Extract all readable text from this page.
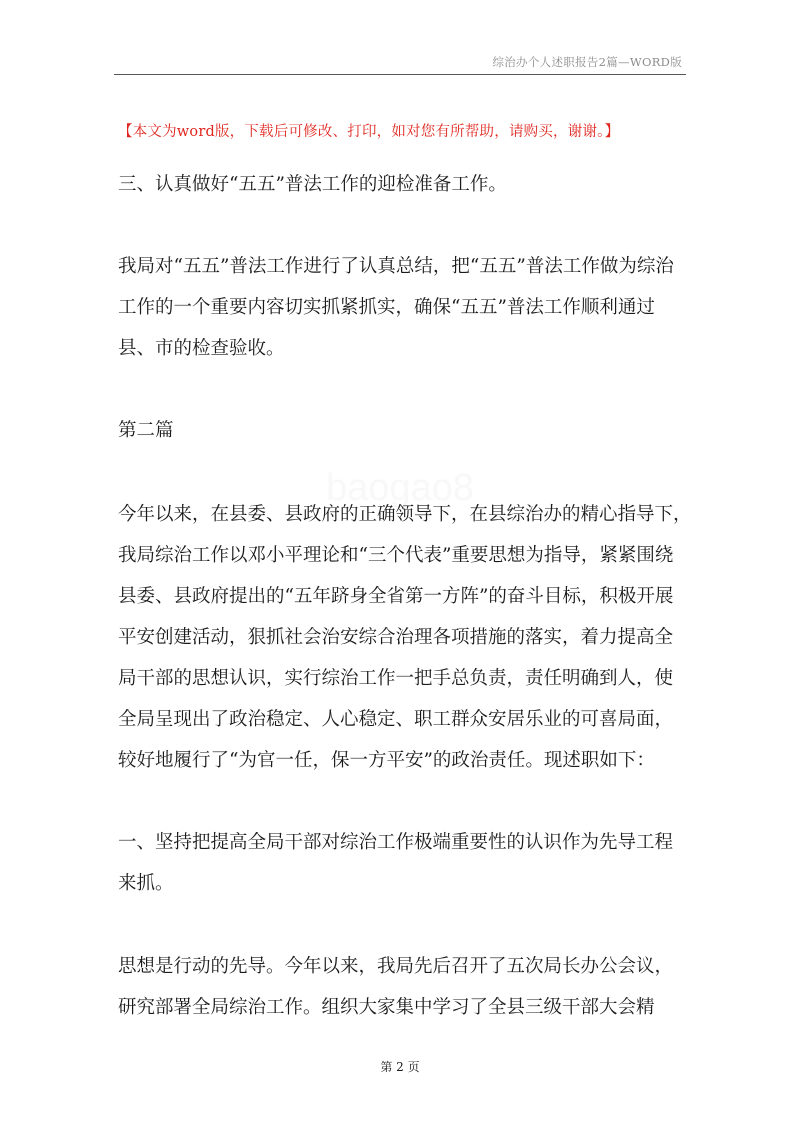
综治办个人述职报告2篇—WORD版
【本文为word版，下载后可修改、打印，如对您有所帮助，请购买，谢谢。】
baogao8
三、认真做好“五五”普法工作的迎检准备工作。
我局对“五五”普法工作进行了认真总结，把“五五”普法工作做为综治
工作的一个重要内容切实抓紧抓实，确保“五五”普法工作顺利通过
县、市的检查验收。
第二篇
今年以来，在县委、县政府的正确领导下，在县综治办的精心指导下，
我局综治工作以邓小平理论和“三个代表”重要思想为指导，紧紧围绕
县委、县政府提出的“五年跻身全省第一方阵”的奋斗目标，积极开展
平安创建活动，狠抓社会治安综合治理各项措施的落实，着力提高全
局干部的思想认识，实行综治工作一把手总负责，责任明确到人，使
全局呈现出了政治稳定、人心稳定、职工群众安居乐业的可喜局面，
较好地履行了“为官一任，保一方平安”的政治责任。现述职如下：
一、坚持把提高全局干部对综治工作极端重要性的认识作为先导工程
来抓。
思想是行动的先导。今年以来，我局先后召开了五次局长办公会议，
研究部署全局综治工作。组织大家集中学习了全县三级干部大会精
第 2 页
